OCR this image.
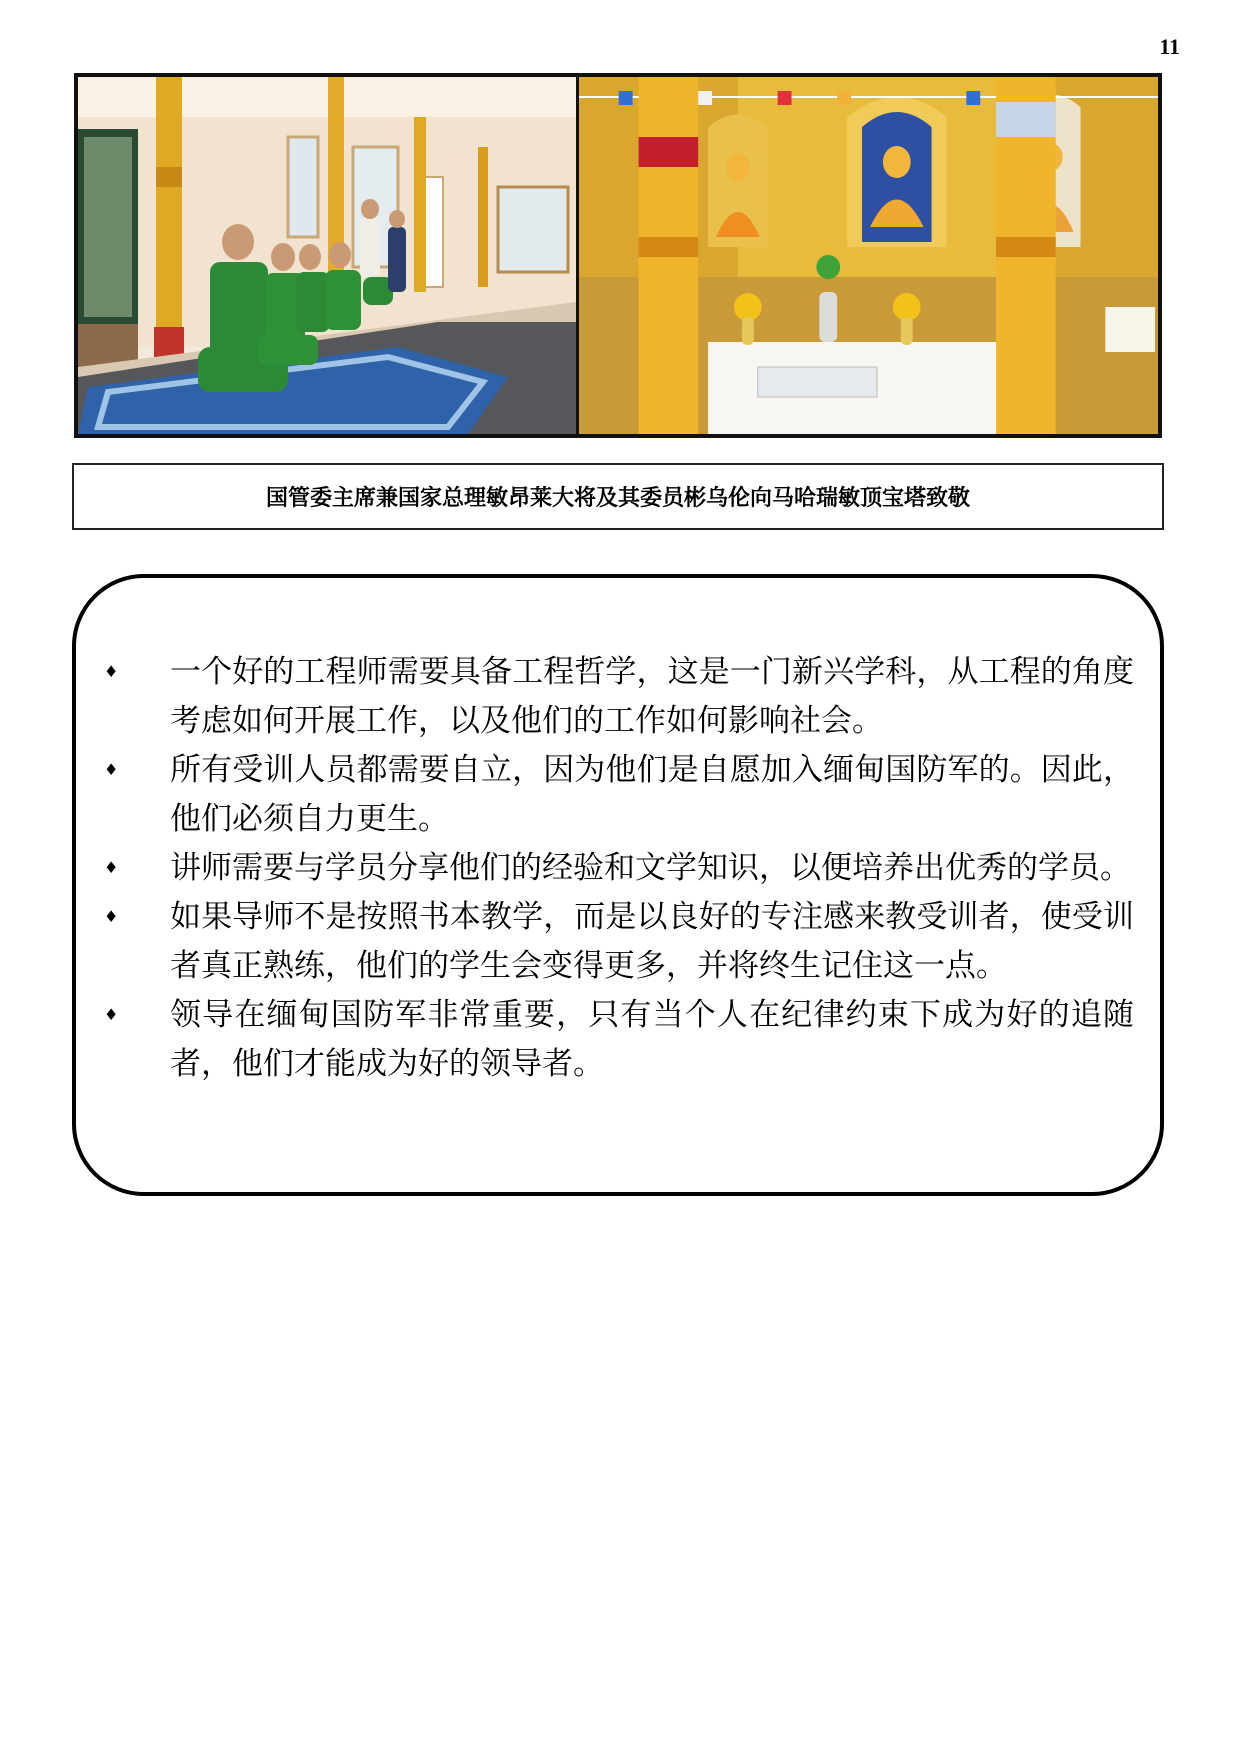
11
国管委主席兼国家总理敏昂莱大将及其委员彬乌伦向马哈瑞敏顶宝塔致敬
♦ 一个好的工程师需要具备工程哲学，这是一门新兴学科，从工程的角度考虑如何开展工作，以及他们的工作如何影响社会。
♦ 所有受训人员都需要自立，因为他们是自愿加入缅甸国防军的。因此，他们必须自力更生。
♦ 讲师需要与学员分享他们的经验和文学知识，以便培养出优秀的学员。
♦ 如果导师不是按照书本教学，而是以良好的专注感来教受训者，使受训者真正熟练，他们的学生会变得更多，并将终生记住这一点。
♦ 领导在缅甸国防军非常重要，只有当个人在纪律约束下成为好的追随者，他们才能成为好的领导者。
